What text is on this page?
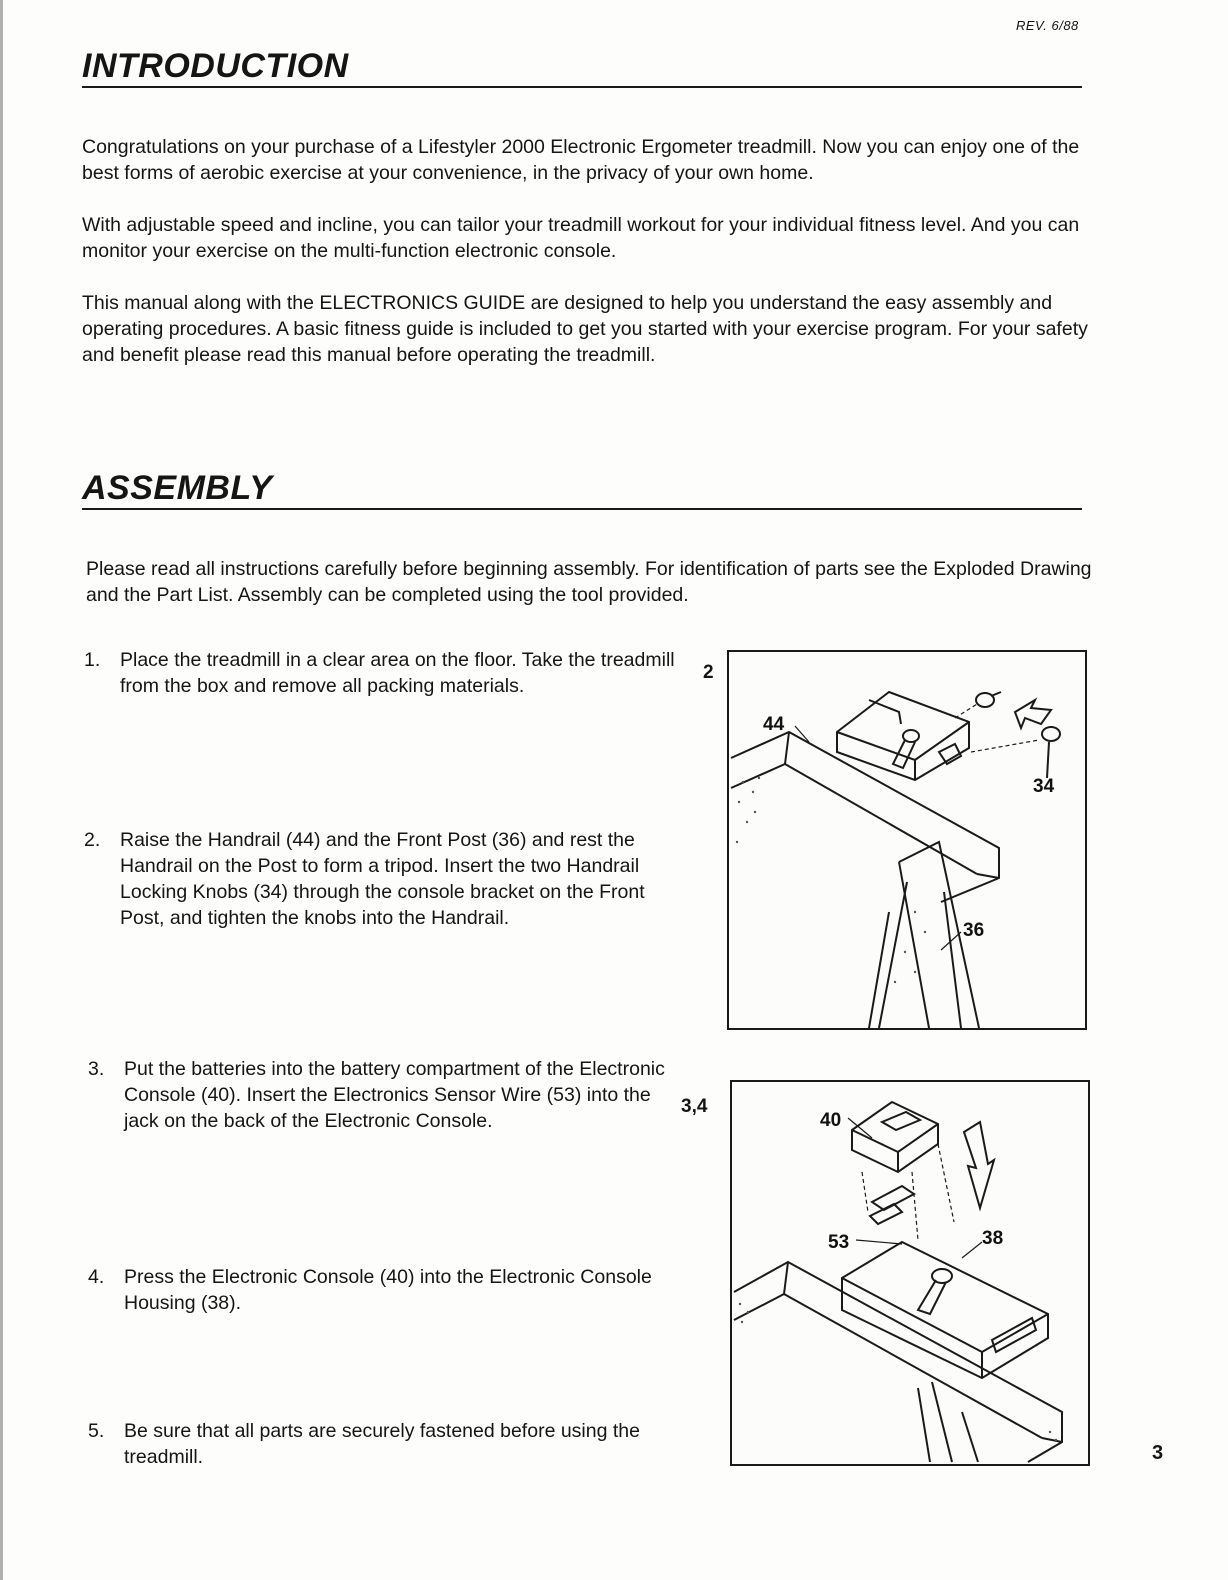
REV. 6/88
INTRODUCTION
Congratulations on your purchase of a Lifestyler 2000 Electronic Ergometer treadmill. Now you can enjoy one of the best forms of aerobic exercise at your convenience, in the privacy of your own home.
With adjustable speed and incline, you can tailor your treadmill workout for your individual fitness level. And you can monitor your exercise on the multi-function electronic console.
This manual along with the ELECTRONICS GUIDE are designed to help you understand the easy assembly and operating procedures. A basic fitness guide is included to get you started with your exercise program. For your safety and benefit please read this manual before operating the treadmill.
ASSEMBLY
Please read all instructions carefully before beginning assembly. For identification of parts see the Exploded Drawing and the Part List. Assembly can be completed using the tool provided.
1. Place the treadmill in a clear area on the floor. Take the treadmill from the box and remove all packing materials.
2. Raise the Handrail (44) and the Front Post (36) and rest the Handrail on the Post to form a tripod. Insert the two Handrail Locking Knobs (34) through the console bracket on the Front Post, and tighten the knobs into the Handrail.
3. Put the batteries into the battery compartment of the Electronic Console (40). Insert the Electronics Sensor Wire (53) into the jack on the back of the Electronic Console.
4. Press the Electronic Console (40) into the Electronic Console Housing (38).
5. Be sure that all parts are securely fastened before using the treadmill.
2
44
34
36
3,4
40
53	38
3
